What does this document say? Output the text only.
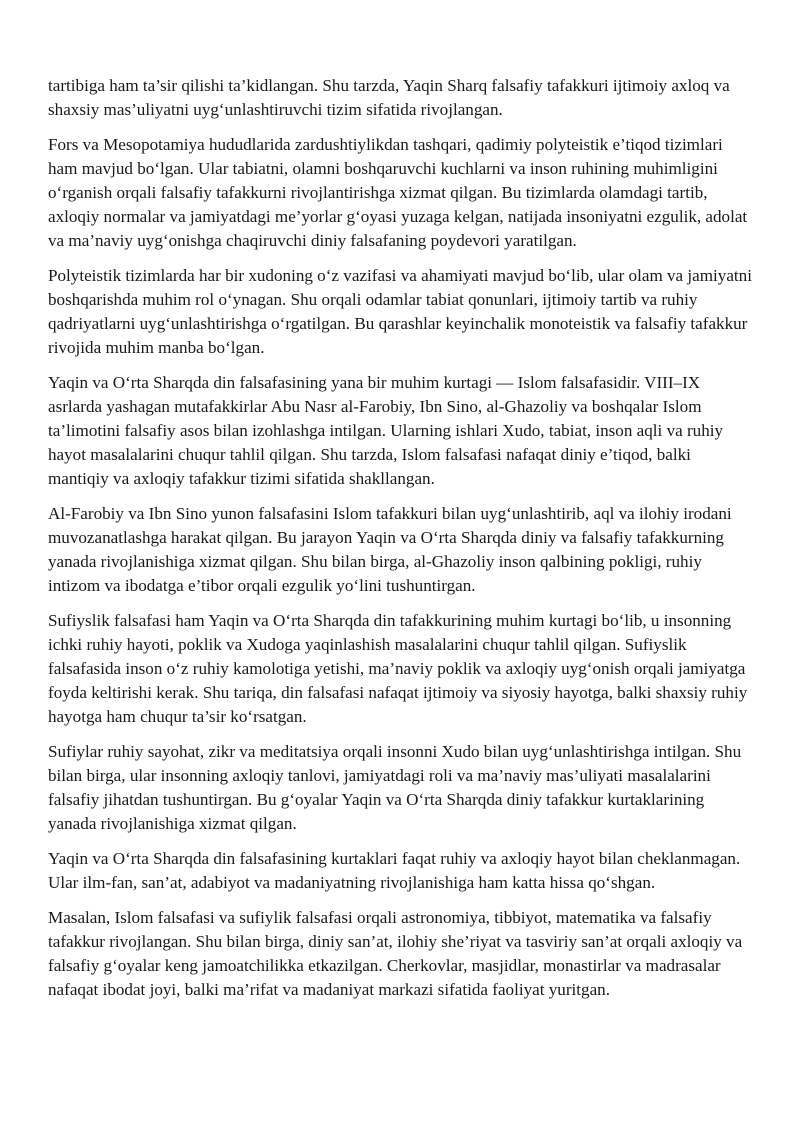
tartibiga ham ta’sir qilishi ta’kidlangan. Shu tarzda, Yaqin Sharq falsafiy tafakkuri ijtimoiy axloq va shaxsiy mas’uliyatni uyg‘unlashtiruvchi tizim sifatida rivojlangan.

Fors va Mesopotamiya hududlarida zardushtiylikdan tashqari, qadimiy polyteistik e’tiqod tizimlari ham mavjud bo‘lgan. Ular tabiatni, olamni boshqaruvchi kuchlarni va inson ruhining muhimligini o‘rganish orqali falsafiy tafakkurni rivojlantirishga xizmat qilgan. Bu tizimlarda olamdagi tartib, axloqiy normalar va jamiyatdagi me’yorlar g‘oyasi yuzaga kelgan, natijada insoniyatni ezgulik, adolat va ma’naviy uyg‘onishga chaqiruvchi diniy falsafaning poydevori yaratilgan.

Polyteistik tizimlarda har bir xudoning o‘z vazifasi va ahamiyati mavjud bo‘lib, ular olam va jamiyatni boshqarishda muhim rol o‘ynagan. Shu orqali odamlar tabiat qonunlari, ijtimoiy tartib va ruhiy qadriyatlarni uyg‘unlashtirishga o‘rgatilgan. Bu qarashlar keyinchalik monoteistik va falsafiy tafakkur rivojida muhim manba bo‘lgan.

Yaqin va O‘rta Sharqda din falsafasining yana bir muhim kurtagi — Islom falsafasidir. VIII–IX asrlarda yashagan mutafakkirlar Abu Nasr al-Farobiy, Ibn Sino, al-Ghazoliy va boshqalar Islom ta’limotini falsafiy asos bilan izohlashga intilgan. Ularning ishlari Xudo, tabiat, inson aqli va ruhiy hayot masalalarini chuqur tahlil qilgan. Shu tarzda, Islom falsafasi nafaqat diniy e’tiqod, balki mantiqiy va axloqiy tafakkur tizimi sifatida shakllangan.

Al-Farobiy va Ibn Sino yunon falsafasini Islom tafakkuri bilan uyg‘unlashtirib, aql va ilohiy irodani muvozanatlashga harakat qilgan. Bu jarayon Yaqin va O‘rta Sharqda diniy va falsafiy tafakkurning yanada rivojlanishiga xizmat qilgan. Shu bilan birga, al-Ghazoliy inson qalbining pokligi, ruhiy intizom va ibodatga e’tibor orqali ezgulik yo‘lini tushuntirgan.

Sufiyslik falsafasi ham Yaqin va O‘rta Sharqda din tafakkurining muhim kurtagi bo‘lib, u insonning ichki ruhiy hayoti, poklik va Xudoga yaqinlashish masalalarini chuqur tahlil qilgan. Sufiyslik falsafasida inson o‘z ruhiy kamolotiga yetishi, ma’naviy poklik va axloqiy uyg‘onish orqali jamiyatga foyda keltirishi kerak. Shu tariqa, din falsafasi nafaqat ijtimoiy va siyosiy hayotga, balki shaxsiy ruhiy hayotga ham chuqur ta’sir ko‘rsatgan.

Sufiylar ruhiy sayohat, zikr va meditatsiya orqali insonni Xudo bilan uyg‘unlashtirishga intilgan. Shu bilan birga, ular insonning axloqiy tanlovi, jamiyatdagi roli va ma’naviy mas’uliyati masalalarini falsafiy jihatdan tushuntirgan. Bu g‘oyalar Yaqin va O‘rta Sharqda diniy tafakkur kurtaklarining yanada rivojlanishiga xizmat qilgan.

Yaqin va O‘rta Sharqda din falsafasining kurtaklari faqat ruhiy va axloqiy hayot bilan cheklanmagan. Ular ilm-fan, san’at, adabiyot va madaniyatning rivojlanishiga ham katta hissa qo‘shgan.

Masalan, Islom falsafasi va sufiylik falsafasi orqali astronomiya, tibbiyot, matematika va falsafiy tafakkur rivojlangan. Shu bilan birga, diniy san’at, ilohiy she’riyat va tasviriy san’at orqali axloqiy va falsafiy g‘oyalar keng jamoatchilikka etkazilgan. Cherkovlar, masjidlar, monastirlar va madrasalar nafaqat ibodat joyi, balki ma’rifat va madaniyat markazi sifatida faoliyat yuritgan.
